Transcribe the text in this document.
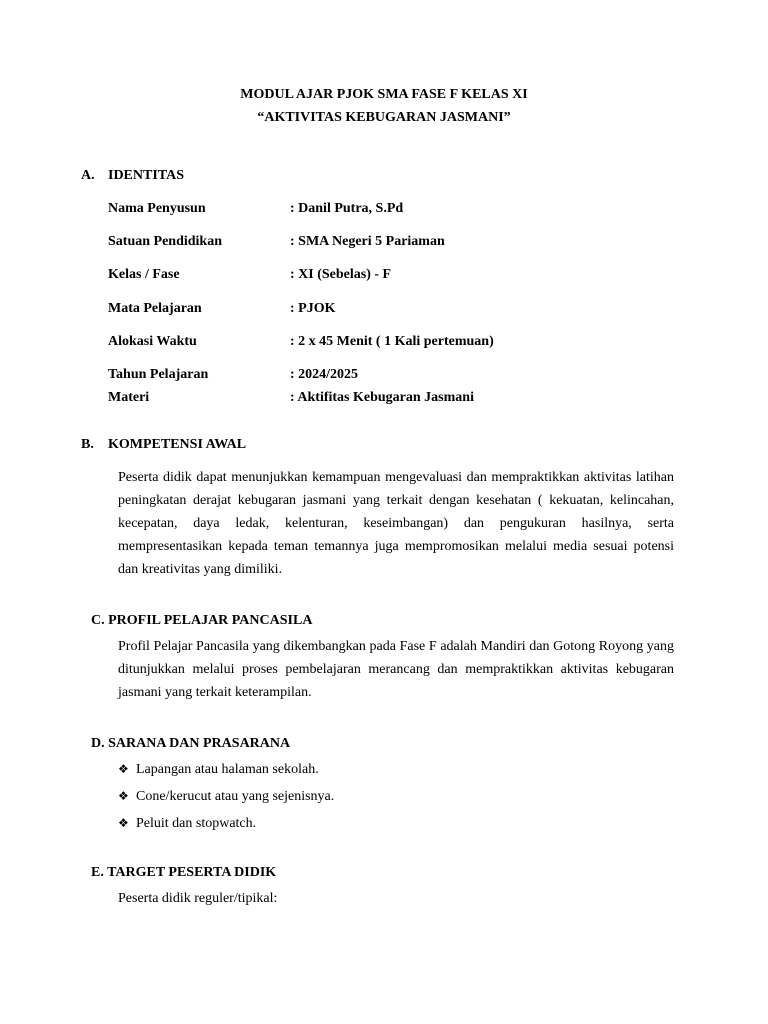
MODUL AJAR PJOK SMA FASE F KELAS XI
“AKTIVITAS KEBUGARAN JASMANI”
A. IDENTITAS
Nama Penyusun	: Danil Putra, S.Pd
Satuan Pendidikan	: SMA Negeri 5 Pariaman
Kelas / Fase	: XI (Sebelas) - F
Mata Pelajaran	: PJOK
Alokasi Waktu	: 2 x 45 Menit ( 1 Kali pertemuan)
Tahun Pelajaran	: 2024/2025
Materi	: Aktifitas Kebugaran Jasmani
B. KOMPETENSI AWAL
Peserta didik dapat menunjukkan kemampuan mengevaluasi dan mempraktikkan aktivitas latihan peningkatan derajat kebugaran jasmani yang terkait dengan kesehatan ( kekuatan, kelincahan, kecepatan, daya ledak, kelenturan, keseimbangan) dan pengukuran hasilnya, serta mempresentasikan kepada teman temannya juga mempromosikan melalui media sesuai potensi dan kreativitas yang dimiliki.
C. PROFIL PELAJAR PANCASILA
Profil Pelajar Pancasila yang dikembangkan pada Fase F adalah Mandiri dan Gotong Royong yang ditunjukkan melalui proses pembelajaran merancang dan mempraktikkan aktivitas kebugaran jasmani yang terkait keterampilan.
D. SARANA DAN PRASARANA
❖ Lapangan atau halaman sekolah.
❖ Cone/kerucut atau yang sejenisnya.
❖ Peluit dan stopwatch.
E. TARGET PESERTA DIDIK
Peserta didik reguler/tipikal:
